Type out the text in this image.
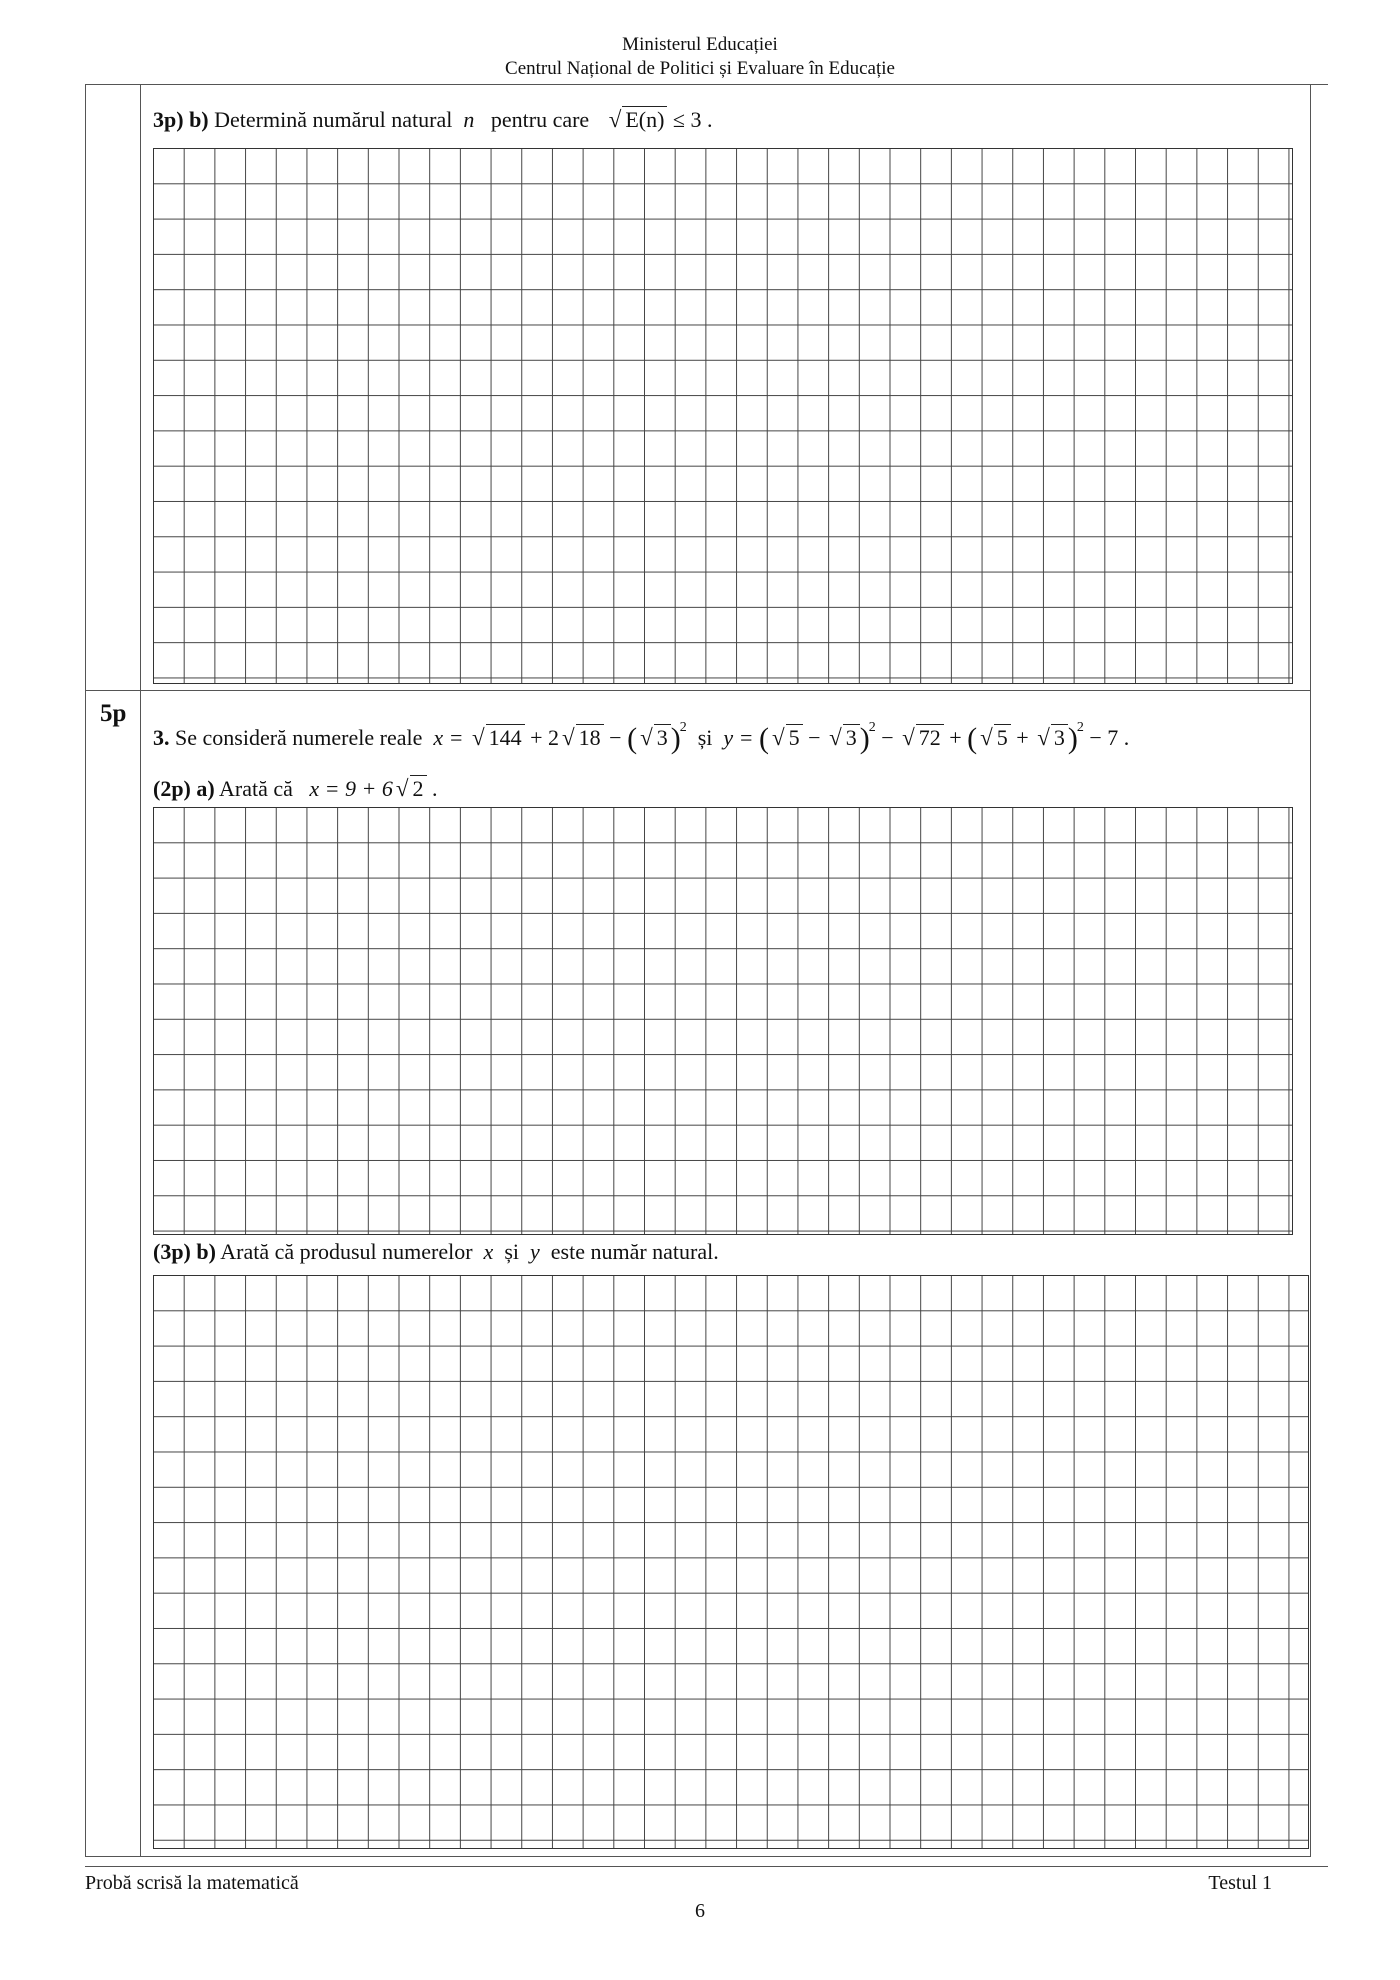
Ministerul Educației
Centrul Național de Politici și Evaluare în Educație
3p) b) Determină numărul natural n pentru care √ E(n) ≤ 3 .
5p
3. Se consideră numerele reale x = √ 144 + 2 √ 18 − ( √ 3 )$^2$ și y = ( √ 5 − √ 3 )$^2$ − √ 72 + ( √ 5 + √ 3 )$^2$ − 7 .
(2p) a) Arată că x = 9 + 6 √ 2 .
(3p) b) Arată că produsul numerelor x și y este număr natural.
Probă scrisă la matematică	Testul 1
6
